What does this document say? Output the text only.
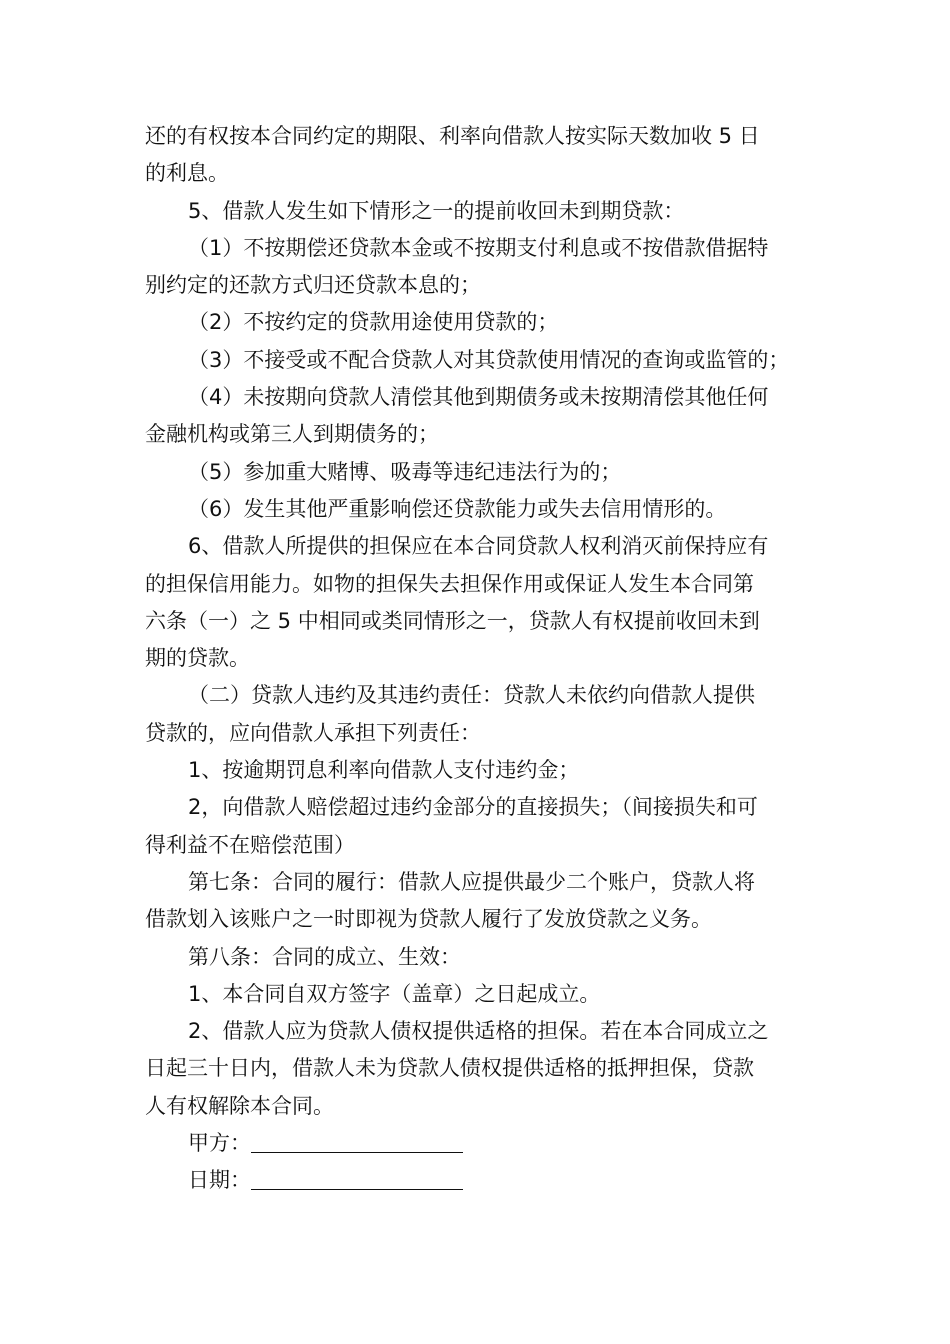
还的有权按本合同约定的期限、利率向借款人按实际天数加收 5 日
的利息。
5、借款人发生如下情形之一的提前收回未到期贷款：
（1）不按期偿还贷款本金或不按期支付利息或不按借款借据特
别约定的还款方式归还贷款本息的；
（2）不按约定的贷款用途使用贷款的；
（3）不接受或不配合贷款人对其贷款使用情况的查询或监管的；
（4）未按期向贷款人清偿其他到期债务或未按期清偿其他任何
金融机构或第三人到期债务的；
（5）参加重大赌博、吸毒等违纪违法行为的；
（6）发生其他严重影响偿还贷款能力或失去信用情形的。
6、借款人所提供的担保应在本合同贷款人权利消灭前保持应有
的担保信用能力。如物的担保失去担保作用或保证人发生本合同第
六条（一）之 5 中相同或类同情形之一，贷款人有权提前收回未到
期的贷款。
（二）贷款人违约及其违约责任：贷款人未依约向借款人提供
贷款的，应向借款人承担下列责任：
1、按逾期罚息利率向借款人支付违约金；
2，向借款人赔偿超过违约金部分的直接损失；（间接损失和可
得利益不在赔偿范围）
第七条：合同的履行：借款人应提供最少二个账户，贷款人将
借款划入该账户之一时即视为贷款人履行了发放贷款之义务。
第八条：合同的成立、生效：
1、本合同自双方签字（盖章）之日起成立。
2、借款人应为贷款人债权提供适格的担保。若在本合同成立之
日起三十日内，借款人未为贷款人债权提供适格的抵押担保，贷款
人有权解除本合同。
甲方：
日期：
